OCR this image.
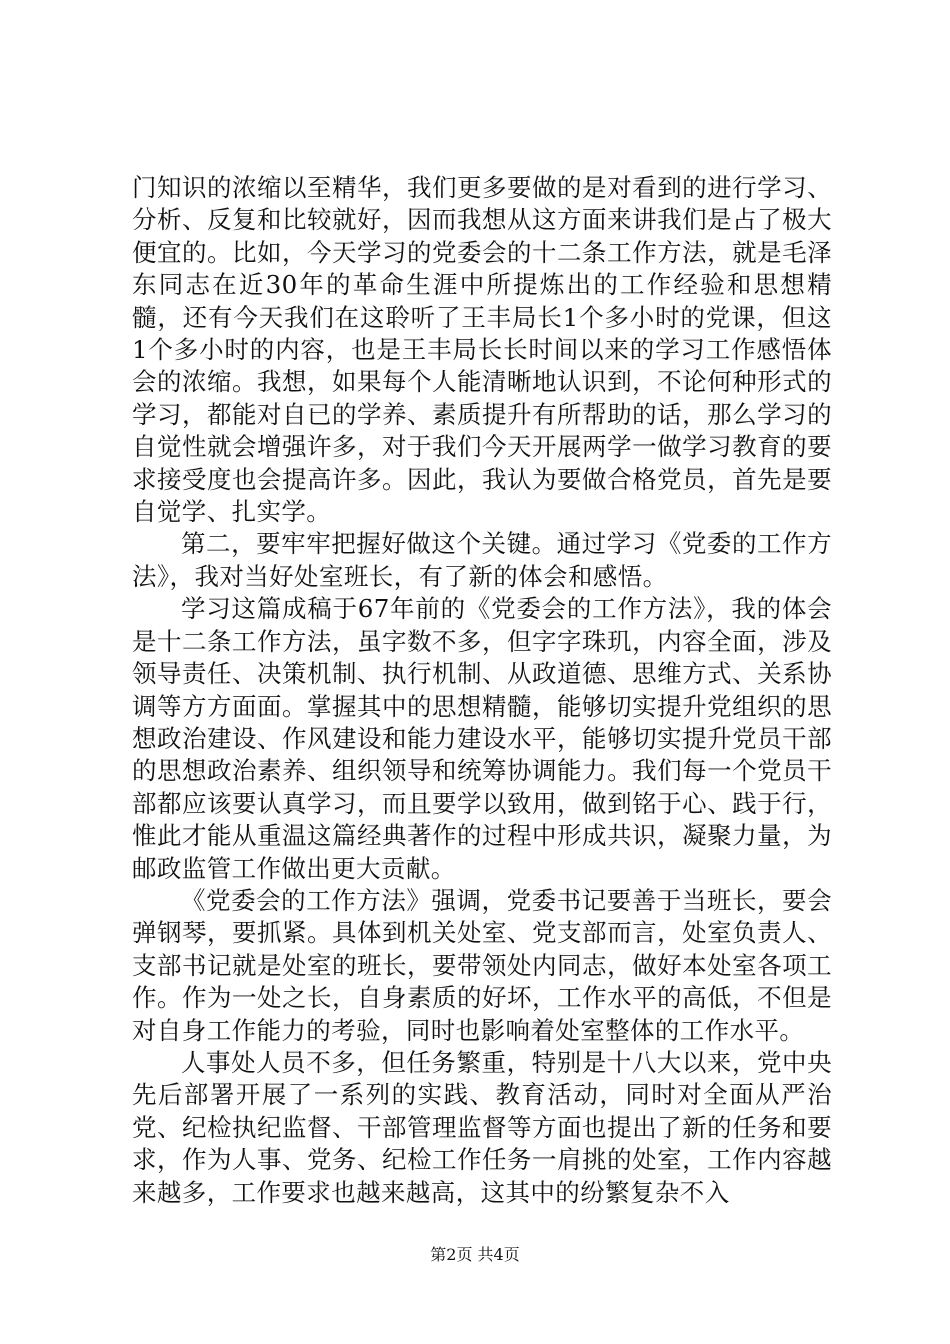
门知识的浓缩以至精华，我们更多要做的是对看到的进行学习、分析、反复和比较就好，因而我想从这方面来讲我们是占了极大便宜的。比如，今天学习的党委会的十二条工作方法，就是毛泽东同志在近30年的革命生涯中所提炼出的工作经验和思想精髓，还有今天我们在这聆听了王丰局长1个多小时的党课，但这1个多小时的内容，也是王丰局长长时间以来的学习工作感悟体会的浓缩。我想，如果每个人能清晰地认识到，不论何种形式的学习，都能对自已的学养、素质提升有所帮助的话，那么学习的自觉性就会增强许多，对于我们今天开展两学一做学习教育的要求接受度也会提高许多。因此，我认为要做合格党员，首先是要自觉学、扎实学。

第二，要牢牢把握好做这个关键。通过学习《党委的工作方法》，我对当好处室班长，有了新的体会和感悟。

学习这篇成稿于67年前的《党委会的工作方法》，我的体会是十二条工作方法，虽字数不多，但字字珠玑，内容全面，涉及领导责任、决策机制、执行机制、从政道德、思维方式、关系协调等方方面面。掌握其中的思想精髓，能够切实提升党组织的思想政治建设、作风建设和能力建设水平，能够切实提升党员干部的思想政治素养、组织领导和统筹协调能力。我们每一个党员干部都应该要认真学习，而且要学以致用，做到铭于心、践于行，惟此才能从重温这篇经典著作的过程中形成共识，凝聚力量，为邮政监管工作做出更大贡献。

《党委会的工作方法》强调，党委书记要善于当班长，要会弹钢琴，要抓紧。具体到机关处室、党支部而言，处室负责人、支部书记就是处室的班长，要带领处内同志，做好本处室各项工作。作为一处之长，自身素质的好坏，工作水平的高低，不但是对自身工作能力的考验，同时也影响着处室整体的工作水平。

人事处人员不多，但任务繁重，特别是十八大以来，党中央先后部署开展了一系列的实践、教育活动，同时对全面从严治党、纪检执纪监督、干部管理监督等方面也提出了新的任务和要求，作为人事、党务、纪检工作任务一肩挑的处室，工作内容越来越多，工作要求也越来越高，这其中的纷繁复杂不入

第2页 共4页
